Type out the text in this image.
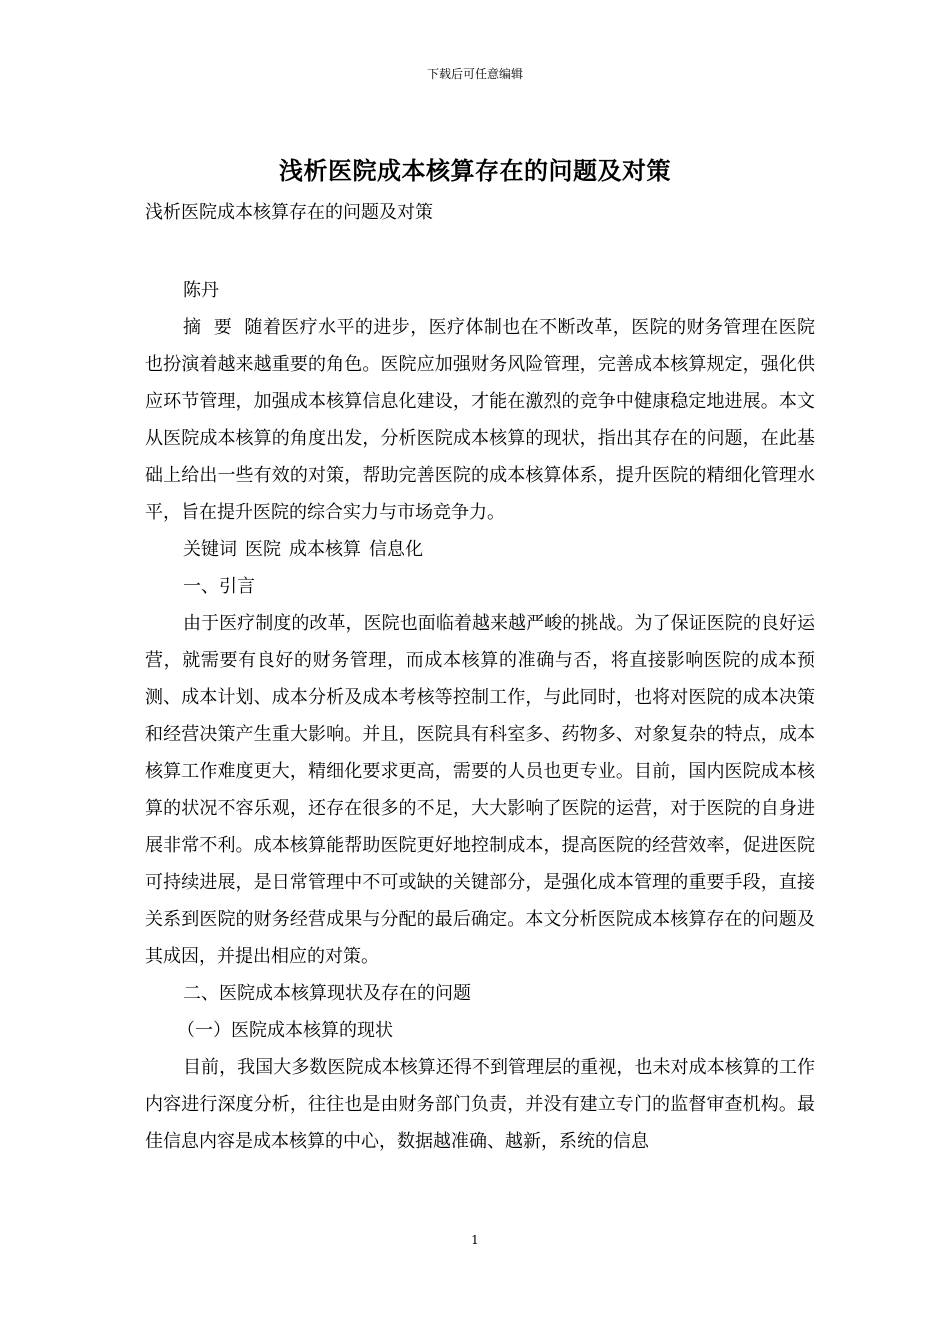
下载后可任意编辑
浅析医院成本核算存在的问题及对策
浅析医院成本核算存在的问题及对策

陈丹

摘  要 随着医疗水平的进步，医疗体制也在不断改革，医院的财务管理在医院也扮演着越来越重要的角色。医院应加强财务风险管理，完善成本核算规定，强化供应环节管理，加强成本核算信息化建设，才能在激烈的竞争中健康稳定地进展。本文从医院成本核算的角度出发，分析医院成本核算的现状，指出其存在的问题，在此基础上给出一些有效的对策，帮助完善医院的成本核算体系，提升医院的精细化管理水平，旨在提升医院的综合实力与市场竞争力。

关键词 医院 成本核算 信息化

一、引言

由于医疗制度的改革，医院也面临着越来越严峻的挑战。为了保证医院的良好运营，就需要有良好的财务管理，而成本核算的准确与否，将直接影响医院的成本预测、成本计划、成本分析及成本考核等控制工作，与此同时，也将对医院的成本决策和经营决策产生重大影响。并且，医院具有科室多、药物多、对象复杂的特点，成本核算工作难度更大，精细化要求更高，需要的人员也更专业。目前，国内医院成本核算的状况不容乐观，还存在很多的不足，大大影响了医院的运营，对于医院的自身进展非常不利。成本核算能帮助医院更好地控制成本，提高医院的经营效率，促进医院可持续进展，是日常管理中不可或缺的关键部分，是强化成本管理的重要手段，直接关系到医院的财务经营成果与分配的最后确定。本文分析医院成本核算存在的问题及其成因，并提出相应的对策。

二、医院成本核算现状及存在的问题

（一）医院成本核算的现状

目前，我国大多数医院成本核算还得不到管理层的重视，也未对成本核算的工作内容进行深度分析，往往也是由财务部门负责，并没有建立专门的监督审查机构。最佳信息内容是成本核算的中心，数据越准确、越新，系统的信息

1
